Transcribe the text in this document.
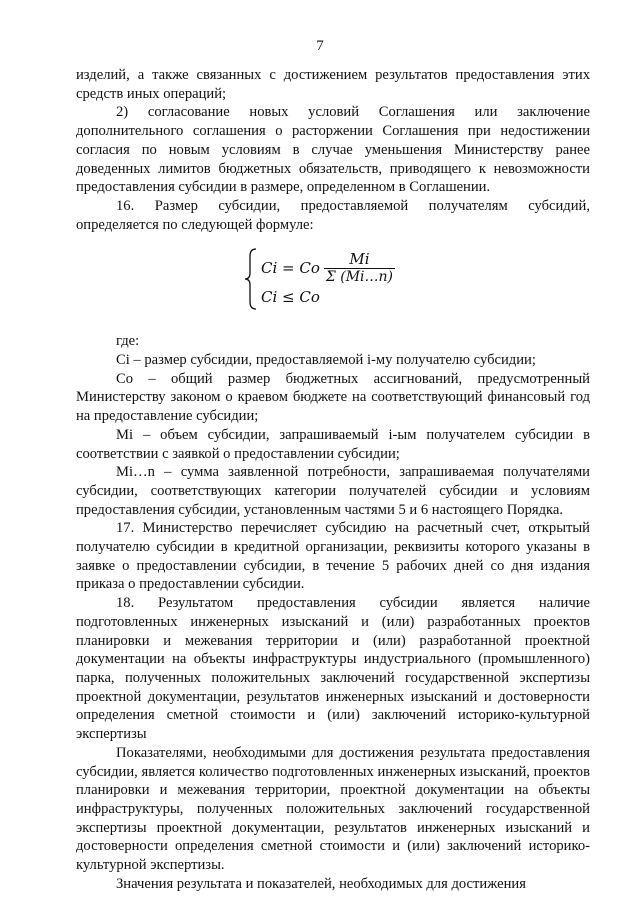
7

изделий, а также связанных с достижением результатов предоставления этих средств иных операций;

2) согласование новых условий Соглашения или заключение дополнительного соглашения о расторжении Соглашения при недостижении согласия по новым условиям в случае уменьшения Министерству ранее доведенных лимитов бюджетных обязательств, приводящего к невозможности предоставления субсидии в размере, определенном в Соглашении.

16. Размер субсидии, предоставляемой получателям субсидий, определяется по следующей формуле:

Ci = Co $\frac{Mi}{\Sigma (Mi\dots n)}$
Ci ≤ Co

где:

Ci – размер субсидии, предоставляемой i-му получателю субсидии;

Co – общий размер бюджетных ассигнований, предусмотренный Министерству законом о краевом бюджете на соответствующий финансовый год на предоставление субсидии;

Mi – объем субсидии, запрашиваемый i-ым получателем субсидии в соответствии с заявкой о предоставлении субсидии;

Mi…n – сумма заявленной потребности, запрашиваемая получателями субсидии, соответствующих категории получателей субсидии и условиям предоставления субсидии, установленным частями 5 и 6 настоящего Порядка.

17. Министерство перечисляет субсидию на расчетный счет, открытый получателю субсидии в кредитной организации, реквизиты которого указаны в заявке о предоставлении субсидии, в течение 5 рабочих дней со дня издания приказа о предоставлении субсидии.

18. Результатом предоставления субсидии является наличие подготовленных инженерных изысканий и (или) разработанных проектов планировки и межевания территории и (или) разработанной проектной документации на объекты инфраструктуры индустриального (промышленного) парка, полученных положительных заключений государственной экспертизы проектной документации, результатов инженерных изысканий и достоверности определения сметной стоимости и (или) заключений историко-культурной экспертизы

Показателями, необходимыми для достижения результата предоставления субсидии, является количество подготовленных инженерных изысканий, проектов планировки и межевания территории, проектной документации на объекты инфраструктуры, полученных положительных заключений государственной экспертизы проектной документации, результатов инженерных изысканий и достоверности определения сметной стоимости и (или) заключений историко-культурной экспертизы.

Значения результата и показателей, необходимых для достижения
